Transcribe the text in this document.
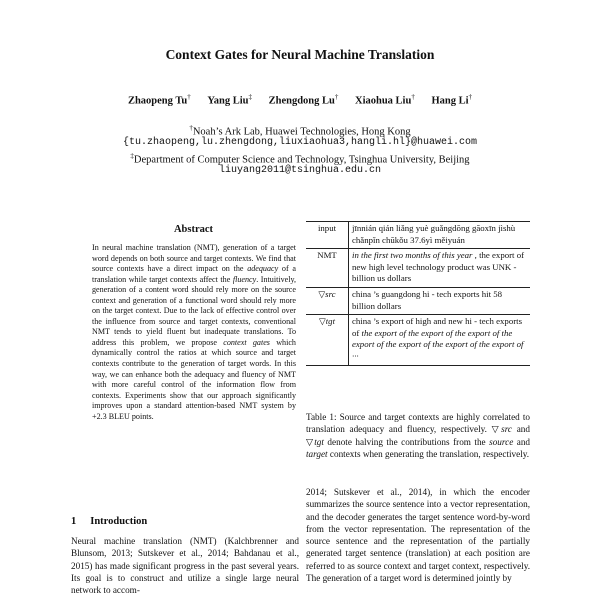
Context Gates for Neural Machine Translation
Zhaopeng Tu† Yang Liu‡ Zhengdong Lu† Xiaohua Liu† Hang Li†
†Noah’s Ark Lab, Huawei Technologies, Hong Kong
{tu.zhaopeng,lu.zhengdong,liuxiaohua3,hangli.hl}@huawei.com
‡Department of Computer Science and Technology, Tsinghua University, Beijing
liuyang2011@tsinghua.edu.cn
Abstract

In neural machine translation (NMT), generation of a target word depends on both source and target contexts. We find that source contexts have a direct impact on the adequacy of a translation while target contexts affect the fluency. Intuitively, generation of a content word should rely more on the source context and generation of a functional word should rely more on the target context. Due to the lack of effective control over the influence from source and target contexts, conventional NMT tends to yield fluent but inadequate translations. To address this problem, we propose context gates which dynamically control the ratios at which source and target contexts contribute to the generation of target words. In this way, we can enhance both the adequacy and fluency of NMT with more careful control of the information flow from contexts. Experiments show that our approach significantly improves upon a standard attention-based NMT system by +2.3 BLEU points.

1 Introduction

Neural machine translation (NMT) (Kalchbrenner and Blunsom, 2013; Sutskever et al., 2014; Bahdanau et al., 2015) has made significant progress in the past several years. Its goal is to construct and utilize a single large neural network to accom-

input	jīnnián qián liǎng yuè guǎngdōng gāoxīn jìshù chǎnpǐn chūkǒu 37.6yì měiyuán
NMT	in the first two months of this year , the export of new high level technology product was UNK - billion us dollars
▽src	china ’s guangdong hi - tech exports hit 58 billion dollars
▽tgt	china ’s export of high and new hi - tech exports of the export of the export of the export of the export of the export of the export of the export of ···

Table 1: Source and target contexts are highly correlated to translation adequacy and fluency, respectively. ▽src and ▽tgt denote halving the contributions from the source and target contexts when generating the translation, respectively.

2014; Sutskever et al., 2014), in which the encoder summarizes the source sentence into a vector representation, and the decoder generates the target sentence word-by-word from the vector representation. The representation of the source sentence and the representation of the partially generated target sentence (translation) at each position are referred to as source context and target context, respectively. The generation of a target word is determined jointly by
